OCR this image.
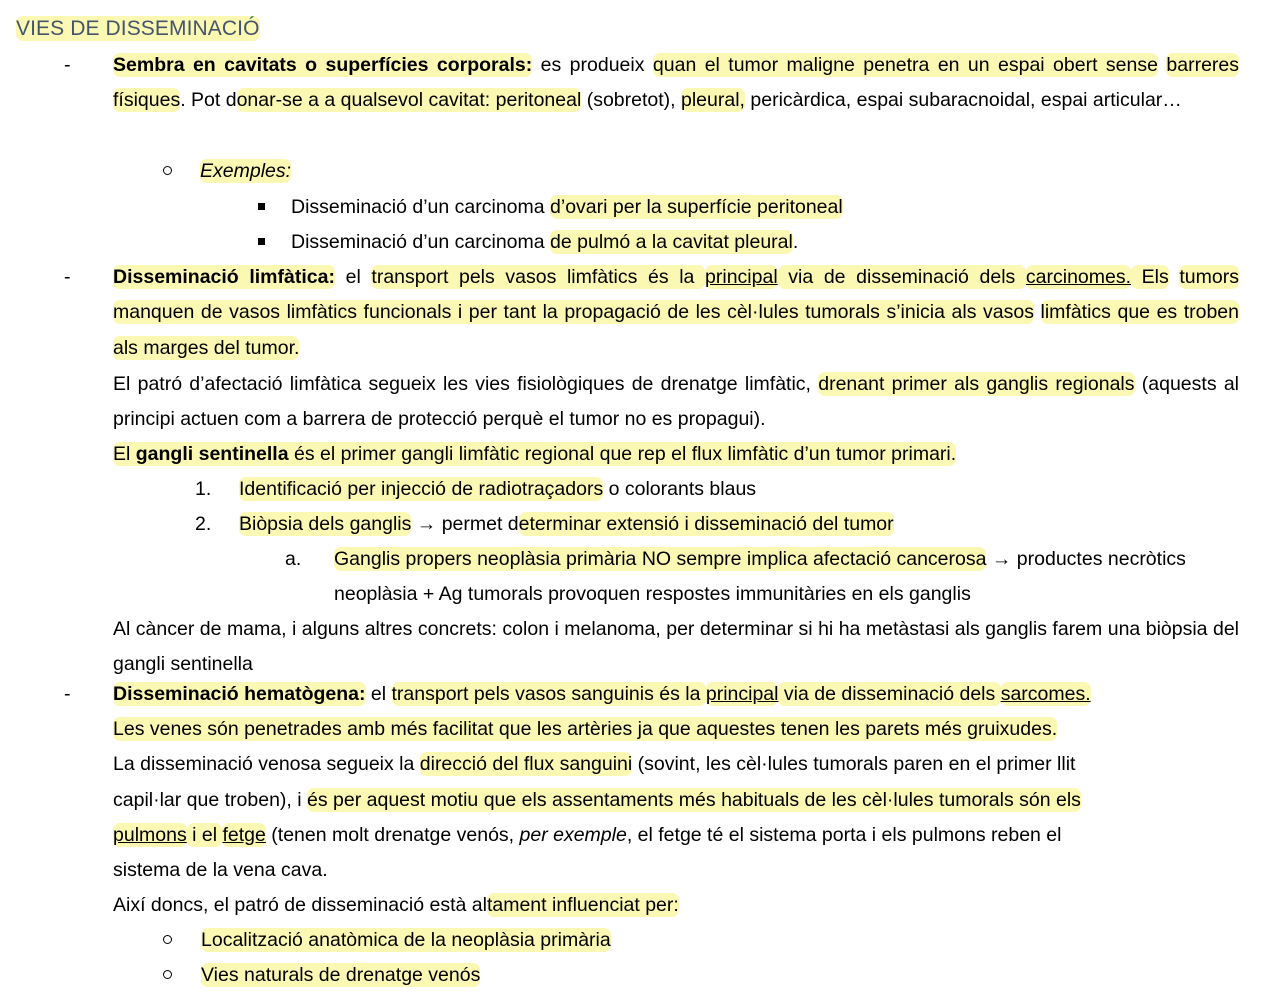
VIES DE DISSEMINACIÓ
- Sembra en cavitats o superfícies corporals: es produeix quan el tumor maligne penetra en un espai obert sense barreres físiques. Pot donar-se a a qualsevol cavitat: peritoneal (sobretot), pleural, pericàrdica, espai subaracnoidal, espai articular…
Exemples:
Disseminació d’un carcinoma d’ovari per la superfície peritoneal
Disseminació d’un carcinoma de pulmó a la cavitat pleural.
- Disseminació limfàtica: el transport pels vasos limfàtics és la principal via de disseminació dels carcinomes. Els tumors manquen de vasos limfàtics funcionals i per tant la propagació de les cèl·lules tumorals s’inicia als vasos limfàtics que es troben als marges del tumor.
El patró d’afectació limfàtica segueix les vies fisiològiques de drenatge limfàtic, drenant primer als ganglis regionals (aquests al principi actuen com a barrera de protecció perquè el tumor no es propagui).
El gangli sentinella és el primer gangli limfàtic regional que rep el flux limfàtic d’un tumor primari.
1. Identificació per injecció de radiotraçadors o colorants blaus
2. Biòpsia dels ganglis → permet determinar extensió i disseminació del tumor
a. Ganglis propers neoplàsia primària NO sempre implica afectació cancerosa → productes necròtics neoplàsia + Ag tumorals provoquen respostes immunitàries en els ganglis
Al càncer de mama, i alguns altres concrets: colon i melanoma, per determinar si hi ha metàstasi als ganglis farem una biòpsia del gangli sentinella
- Disseminació hematògena: el transport pels vasos sanguinis és la principal via de disseminació dels sarcomes.
Les venes són penetrades amb més facilitat que les artèries ja que aquestes tenen les parets més gruixudes.
La disseminació venosa segueix la direcció del flux sanguini (sovint, les cèl·lules tumorals paren en el primer llit
capil·lar que troben), i és per aquest motiu que els assentaments més habituals de les cèl·lules tumorals són els
pulmons i el fetge (tenen molt drenatge venós, per exemple, el fetge té el sistema porta i els pulmons reben el
sistema de la vena cava.
Així doncs, el patró de disseminació està altament influenciat per:
Localització anatòmica de la neoplàsia primària
Vies naturals de drenatge venós
